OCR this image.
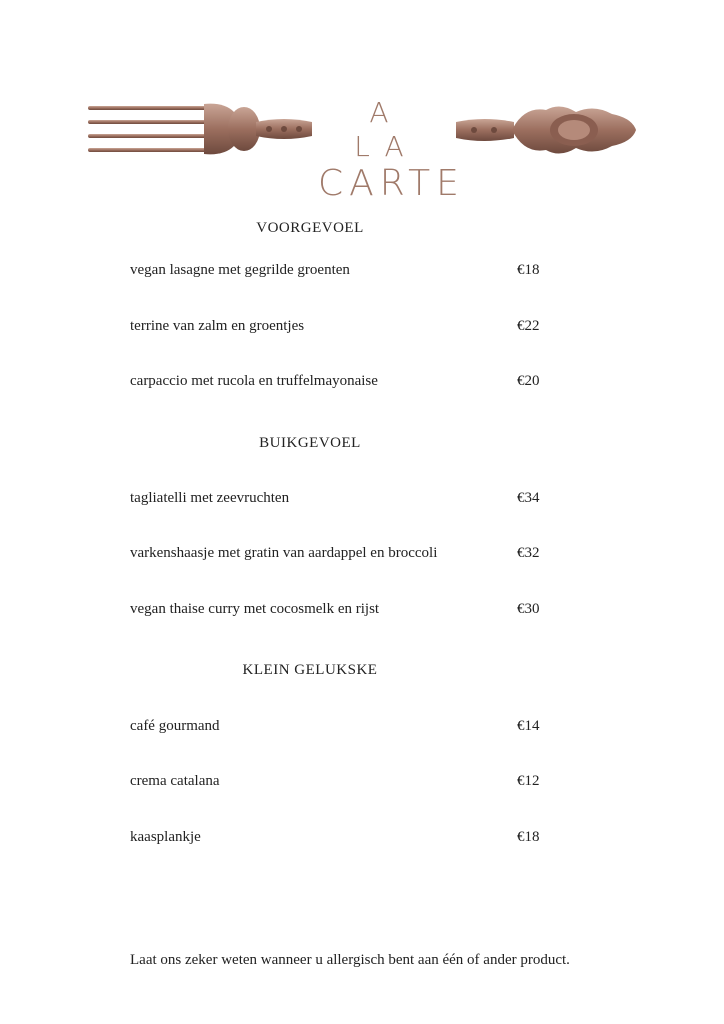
A LA
CARTE
VOORGEVOEL
vegan lasagne met gegrilde groenten	€18
terrine van zalm en groentjes	€22
carpaccio met rucola en truffelmayonaise	€20
BUIKGEVOEL
tagliatelli met zeevruchten	€34
varkenshaasje met gratin van aardappel en broccoli	€32
vegan thaise curry met cocosmelk en rijst	€30
KLEIN GELUKSKE
café gourmand	€14
crema catalana	€12
kaasplankje	€18
Laat ons zeker weten wanneer u allergisch bent aan één of ander product.
